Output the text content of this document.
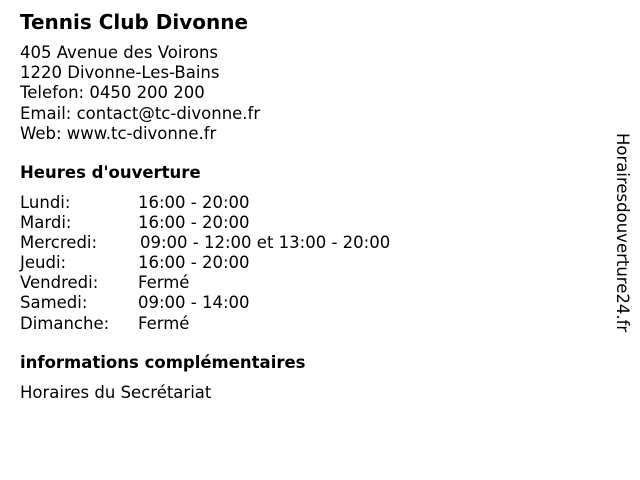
Tennis Club Divonne
405 Avenue des Voirons
1220 Divonne-Les-Bains
Telefon: 0450 200 200
Email: contact@tc-divonne.fr
Web: www.tc-divonne.fr
Heures d'ouverture
Lundi:	16:00 - 20:00
Mardi:	16:00 - 20:00
Mercredi:	09:00 - 12:00 et 13:00 - 20:00
Jeudi:	16:00 - 20:00
Vendredi:	Fermé
Samedi:	09:00 - 14:00
Dimanche:	Fermé
informations complémentaires
Horaires du Secrétariat
Horairesdouverture24.fr
